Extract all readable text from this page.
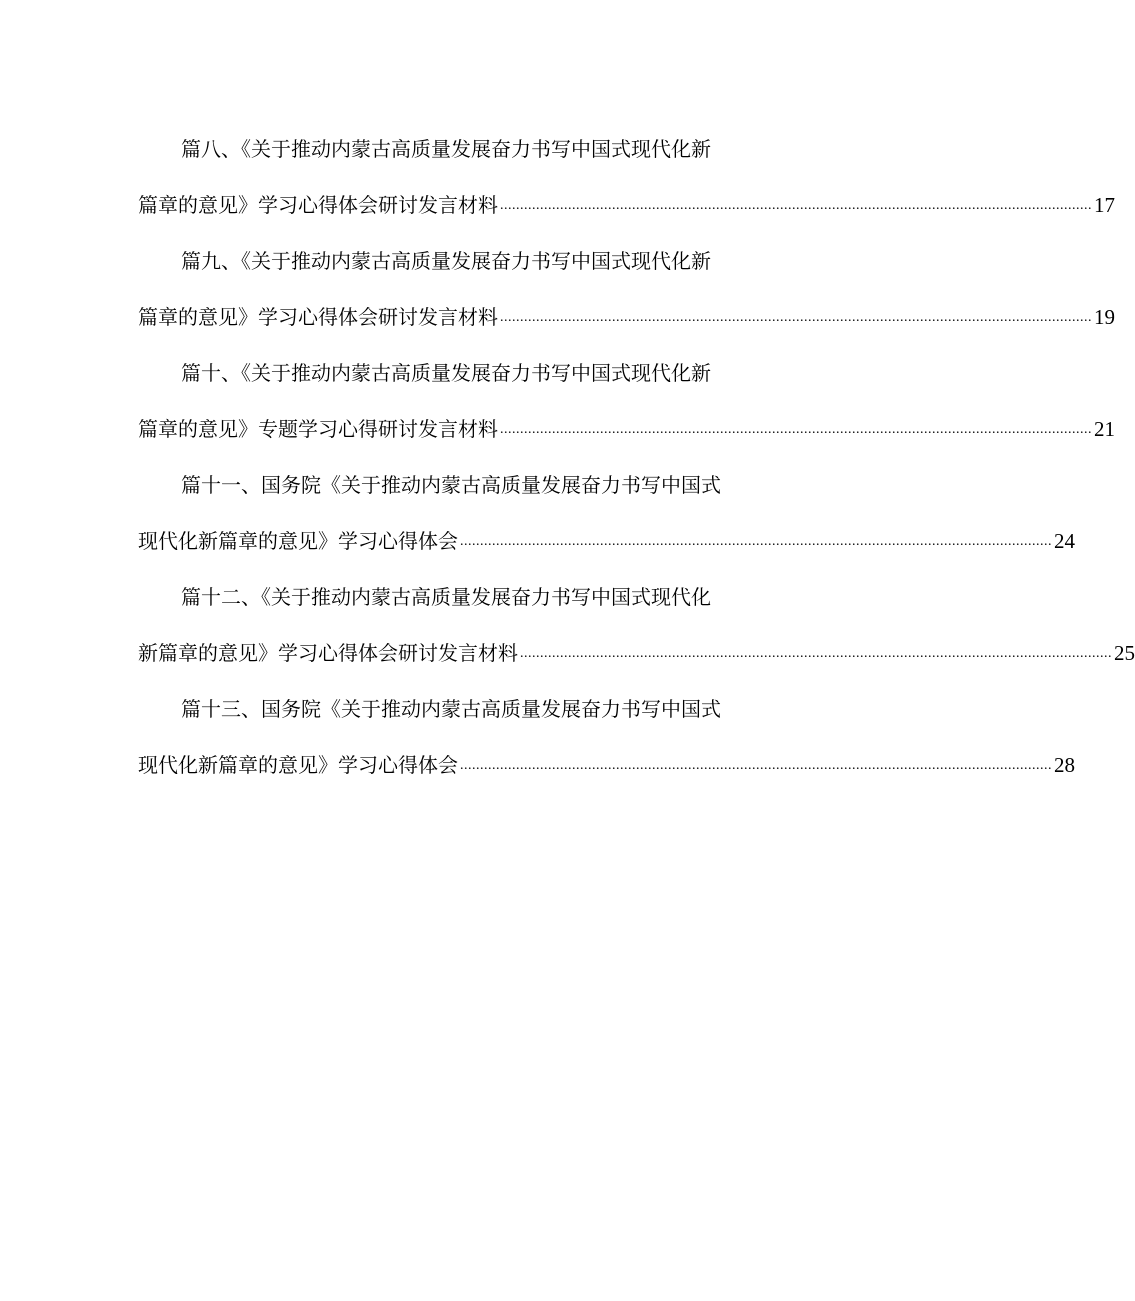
篇八、《关于推动内蒙古高质量发展奋力书写中国式现代化新
篇章的意见》学习心得体会研讨发言材料 .................................................................................................................................................... 17
篇九、《关于推动内蒙古高质量发展奋力书写中国式现代化新
篇章的意见》学习心得体会研讨发言材料 .................................................................................................................................................... 19
篇十、《关于推动内蒙古高质量发展奋力书写中国式现代化新
篇章的意见》专题学习心得研讨发言材料 .................................................................................................................................................... 21
篇十一、国务院《关于推动内蒙古高质量发展奋力书写中国式
现代化新篇章的意见》学习心得体会 .................................................................................................................................................... 24
篇十二、《关于推动内蒙古高质量发展奋力书写中国式现代化
新篇章的意见》学习心得体会研讨发言材料 .................................................................................................................................................... 25
篇十三、国务院《关于推动内蒙古高质量发展奋力书写中国式
现代化新篇章的意见》学习心得体会 .................................................................................................................................................... 28
